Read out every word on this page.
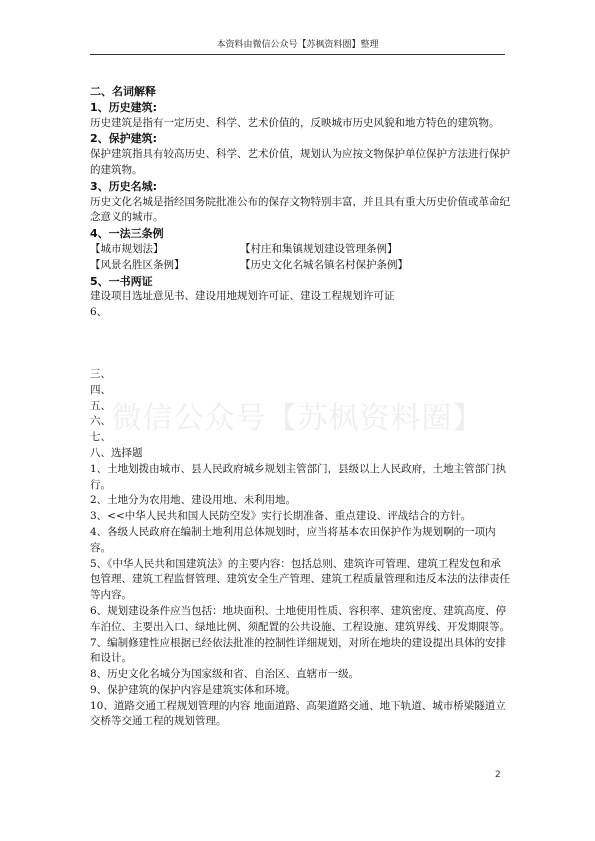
本资料由微信公众号【苏枫资料圈】整理
微信公众号【苏枫资料圈】

二、名词解释

1、历史建筑:

历史建筑是指有一定历史、科学、艺术价值的，反映城市历史风貌和地方特色的建筑物。

2、保护建筑:

保护建筑指具有较高历史、科学、艺术价值，规划认为应按文物保护单位保护方法进行保护的建筑物。

3、历史名城:

历史文化名城是指经国务院批准公布的保存文物特别丰富，并且具有重大历史价值或革命纪念意义的城市。

4、一法三条例

【城市规划法】	【村庄和集镇规划建设管理条例】
【风景名胜区条例】	【历史文化名城名镇名村保护条例】

5、一书两证

建设项目选址意见书、建设用地规划许可证、建设工程规划许可证

6、

三、

四、

五、

六、

七、

八、选择题

1、土地划拨由城市、县人民政府城乡规划主管部门，县级以上人民政府，土地主管部门执行。

2、土地分为农用地、建设用地、未利用地。

3、<<中华人民共和国人民防空发》实行长期准备、重点建设、评战结合的方针。

4、各级人民政府在编制土地利用总体规划时，应当将基本农田保护作为规划啊的一项内容。

5、《中华人民共和国建筑法》的主要内容：包括总则、建筑许可管理、建筑工程发包和承包管理、建筑工程监督管理、建筑安全生产管理、建筑工程质量管理和违反本法的法律责任等内容。

6、规划建设条件应当包括：地块面积、土地使用性质、容积率、建筑密度、建筑高度、停车泊位、主要出入口、绿地比例、须配置的公共设施、工程设施、建筑界线、开发期限等。

7、编制修建性应根据已经依法批准的控制性详细规划，对所在地块的建设提出具体的安排和设计。

8、历史文化名城分为国家级和省、自治区、直辖市一级。

9、保护建筑的保护内容是建筑实体和环境。

10、道路交通工程规划管理的内容 地面道路、高架道路交通、地下轨道、城市桥梁隧道立交桥等交通工程的规划管理。

2
